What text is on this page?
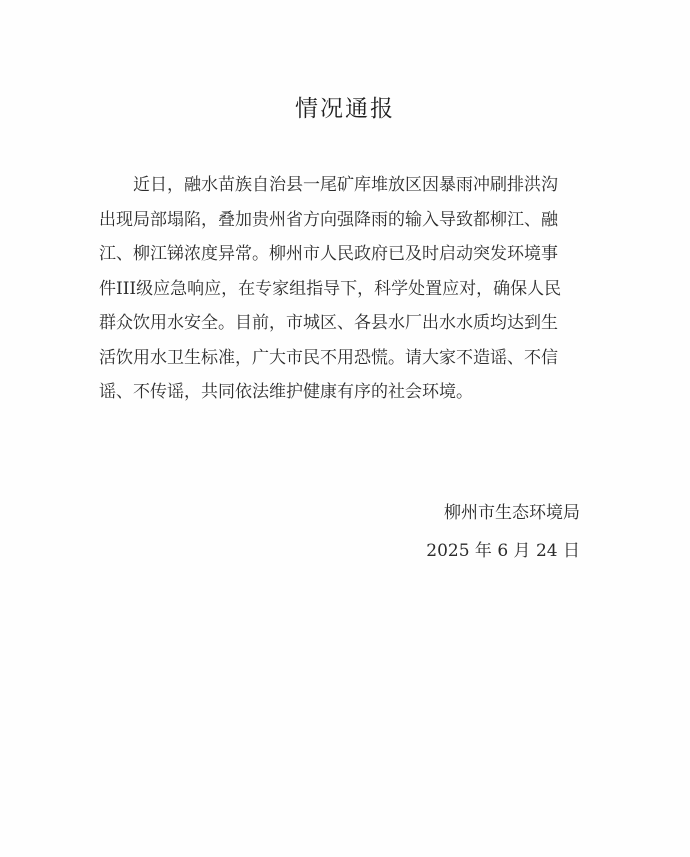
情况通报
近日，融水苗族自治县一尾矿库堆放区因暴雨冲刷排洪沟
出现局部塌陷，叠加贵州省方向强降雨的输入导致都柳江、融
江、柳江锑浓度异常。柳州市人民政府已及时启动突发环境事
件III级应急响应，在专家组指导下，科学处置应对，确保人民
群众饮用水安全。目前，市城区、各县水厂出水水质均达到生
活饮用水卫生标准，广大市民不用恐慌。请大家不造谣、不信
谣、不传谣，共同依法维护健康有序的社会环境。
柳州市生态环境局
2025 年 6 月 24 日
